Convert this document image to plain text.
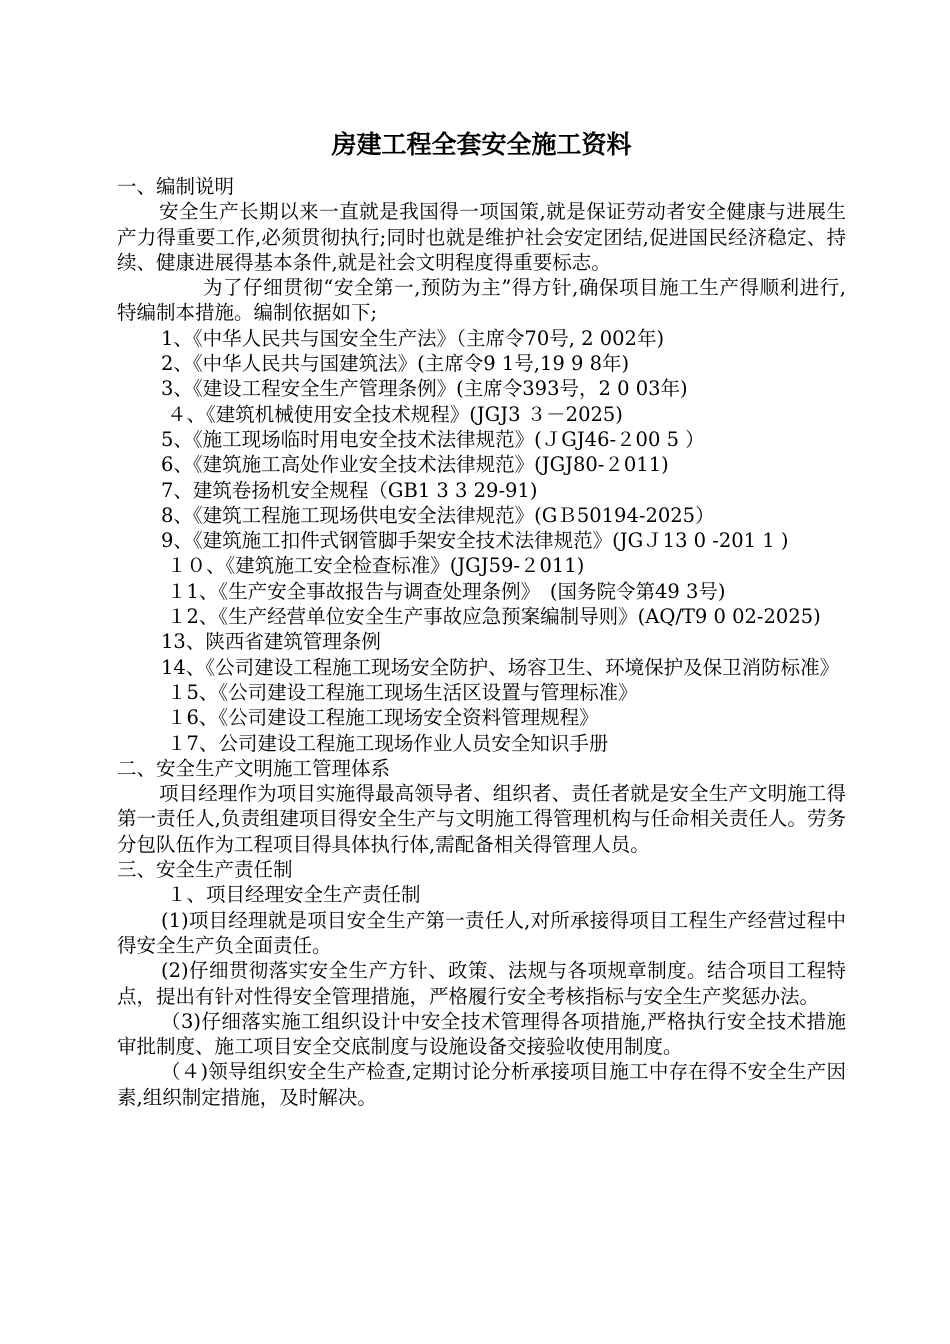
房建工程全套安全施工资料

一、编制说明

安全生产长期以来一直就是我国得一项国策,就是保证劳动者安全健康与进展生产力得重要工作,必须贯彻执行;同时也就是维护社会安定团结,促进国民经济稳定、持续、健康进展得基本条件,就是社会文明程度得重要标志。

为了仔细贯彻“安全第一,预防为主”得方针,确保项目施工生产得顺利进行,特编制本措施。编制依据如下;

1、《中华人民共与国安全生产法》（主席令70号, 2 002年)

2、《中华人民共与国建筑法》(主席令9 1号,19 9 8年)

3、《建设工程安全生产管理条例》(主席令393号，2 0 03年)

４、《建筑机械使用安全技术规程》(JGJ3 ３－2025)

5、《施工现场临时用电安全技术法律规范》(ＪGJ46-２00 5 ）

6、《建筑施工高处作业安全技术法律规范》(JGJ80-２011)

7、建筑卷扬机安全规程（GB1 3 3 29-91)

8、《建筑工程施工现场供电安全法律规范》(GＢ50194-2025）

9、《建筑施工扣件式钢管脚手架安全技术法律规范》(JGＪ13 0 -201 1 )

１０、《建筑施工安全检查标准》(JGJ59-２011)

１1、《生产安全事故报告与调查处理条例》　(国务院令第49 3号)

１2、《生产经营单位安全生产事故应急预案编制导则》(AQ/T9 0 02-2025)

13、陕西省建筑管理条例

14、《公司建设工程施工现场安全防护、场容卫生、环境保护及保卫消防标准》

１5、《公司建设工程施工现场生活区设置与管理标准》

１6、《公司建设工程施工现场安全资料管理规程》

１7、公司建设工程施工现场作业人员安全知识手册

二、安全生产文明施工管理体系

项目经理作为项目实施得最高领导者、组织者、责任者就是安全生产文明施工得第一责任人,负责组建项目得安全生产与文明施工得管理机构与任命相关责任人。劳务分包队伍作为工程项目得具体执行体,需配备相关得管理人员。

三、安全生产责任制

１、项目经理安全生产责任制

(1)项目经理就是项目安全生产第一责任人,对所承接得项目工程生产经营过程中得安全生产负全面责任。

(2)仔细贯彻落实安全生产方针、政策、法规与各项规章制度。结合项目工程特点，提出有针对性得安全管理措施，严格履行安全考核指标与安全生产奖惩办法。

（3)仔细落实施工组织设计中安全技术管理得各项措施,严格执行安全技术措施审批制度、施工项目安全交底制度与设施设备交接验收使用制度。

（４)领导组织安全生产检查,定期讨论分析承接项目施工中存在得不安全生产因素,组织制定措施，及时解决。
